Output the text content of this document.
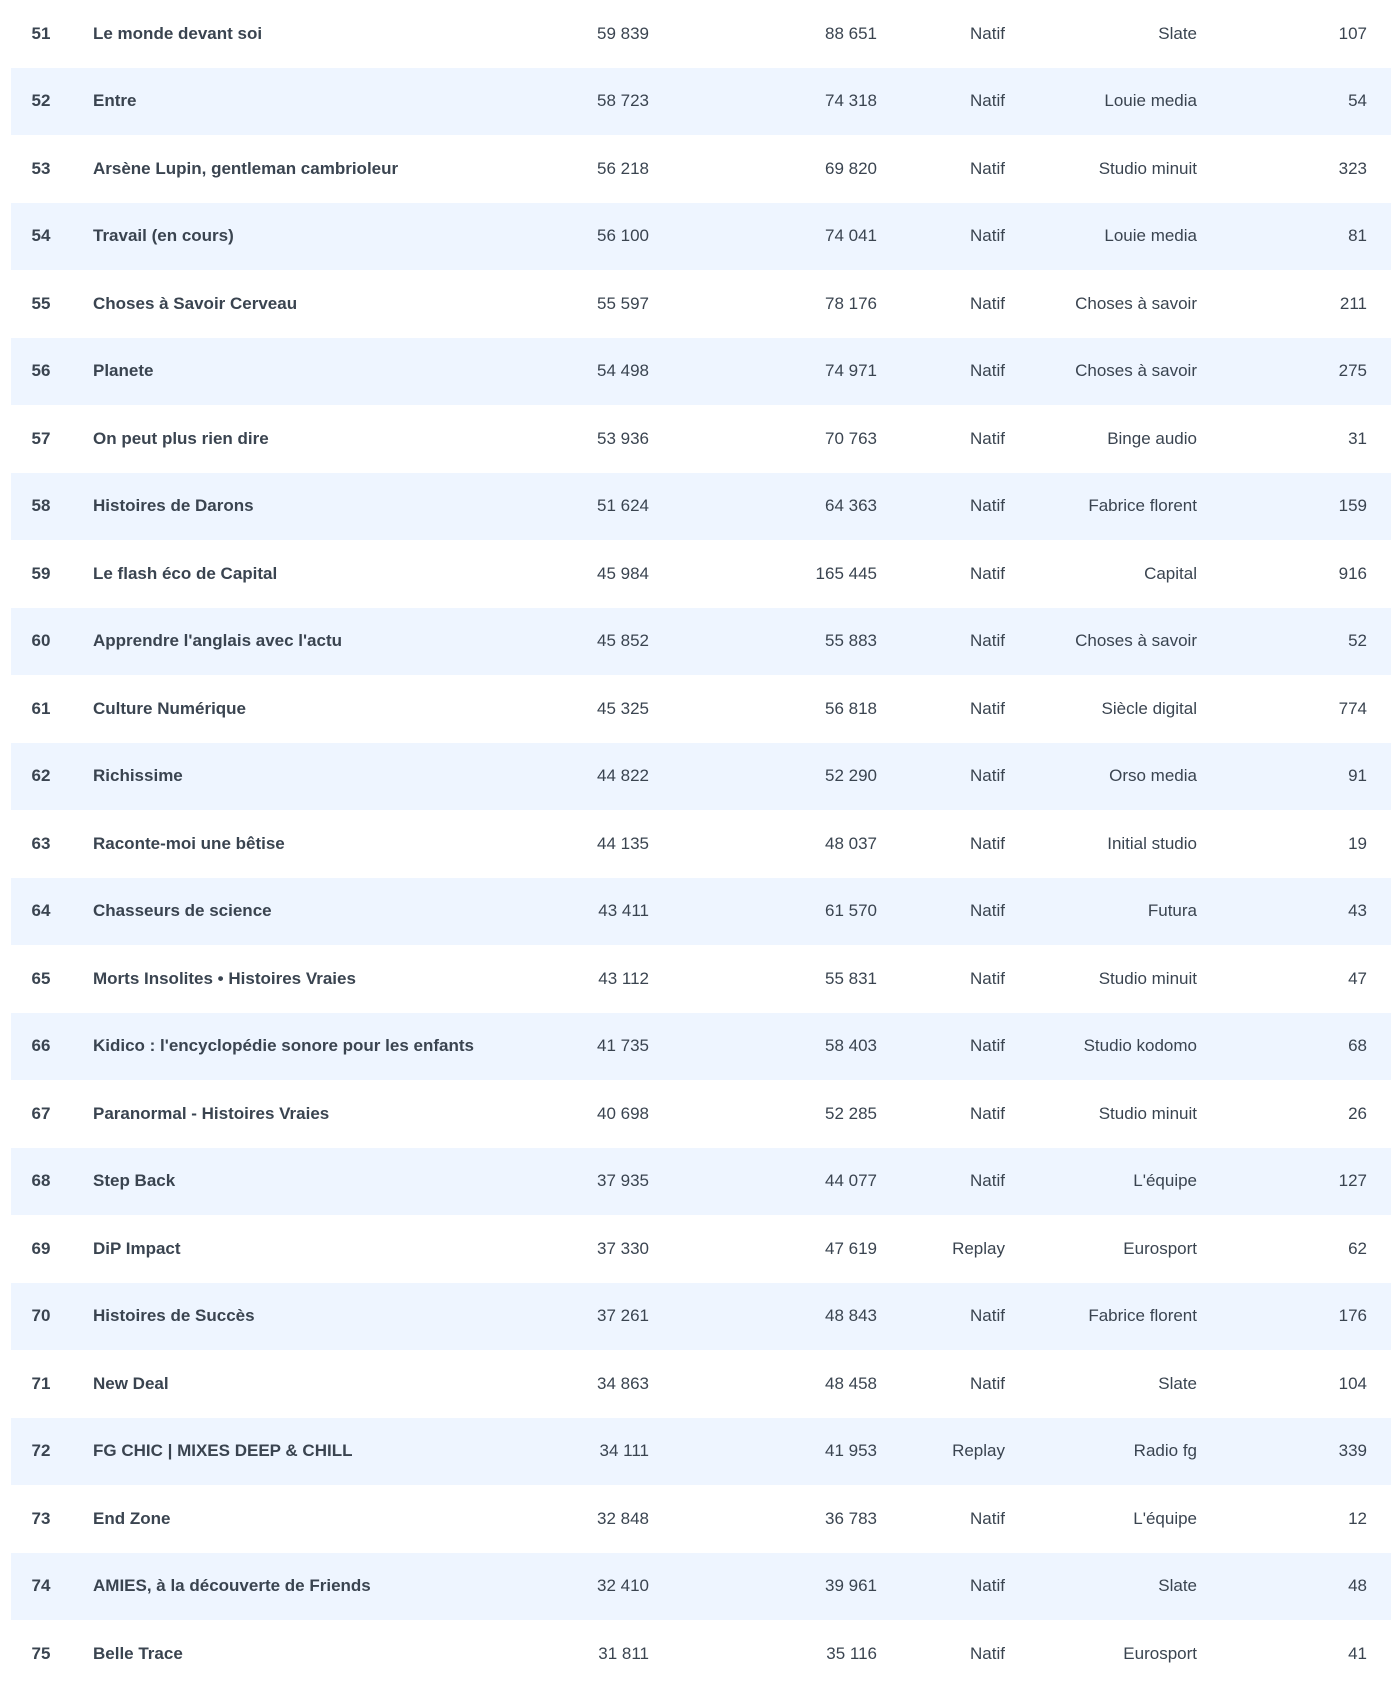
51	Le monde devant soi	59 839	88 651	Natif	Slate	107
52	Entre	58 723	74 318	Natif	Louie media	54
53	Arsène Lupin, gentleman cambrioleur	56 218	69 820	Natif	Studio minuit	323
54	Travail (en cours)	56 100	74 041	Natif	Louie media	81
55	Choses à Savoir Cerveau	55 597	78 176	Natif	Choses à savoir	211
56	Planete	54 498	74 971	Natif	Choses à savoir	275
57	On peut plus rien dire	53 936	70 763	Natif	Binge audio	31
58	Histoires de Darons	51 624	64 363	Natif	Fabrice florent	159
59	Le flash éco de Capital	45 984	165 445	Natif	Capital	916
60	Apprendre l'anglais avec l'actu	45 852	55 883	Natif	Choses à savoir	52
61	Culture Numérique	45 325	56 818	Natif	Siècle digital	774
62	Richissime	44 822	52 290	Natif	Orso media	91
63	Raconte-moi une bêtise	44 135	48 037	Natif	Initial studio	19
64	Chasseurs de science	43 411	61 570	Natif	Futura	43
65	Morts Insolites • Histoires Vraies	43 112	55 831	Natif	Studio minuit	47
66	Kidico : l'encyclopédie sonore pour les enfants	41 735	58 403	Natif	Studio kodomo	68
67	Paranormal - Histoires Vraies	40 698	52 285	Natif	Studio minuit	26
68	Step Back	37 935	44 077	Natif	L'équipe	127
69	DiP Impact	37 330	47 619	Replay	Eurosport	62
70	Histoires de Succès	37 261	48 843	Natif	Fabrice florent	176
71	New Deal	34 863	48 458	Natif	Slate	104
72	FG CHIC | MIXES DEEP & CHILL	34 111	41 953	Replay	Radio fg	339
73	End Zone	32 848	36 783	Natif	L'équipe	12
74	AMIES, à la découverte de Friends	32 410	39 961	Natif	Slate	48
75	Belle Trace	31 811	35 116	Natif	Eurosport	41
